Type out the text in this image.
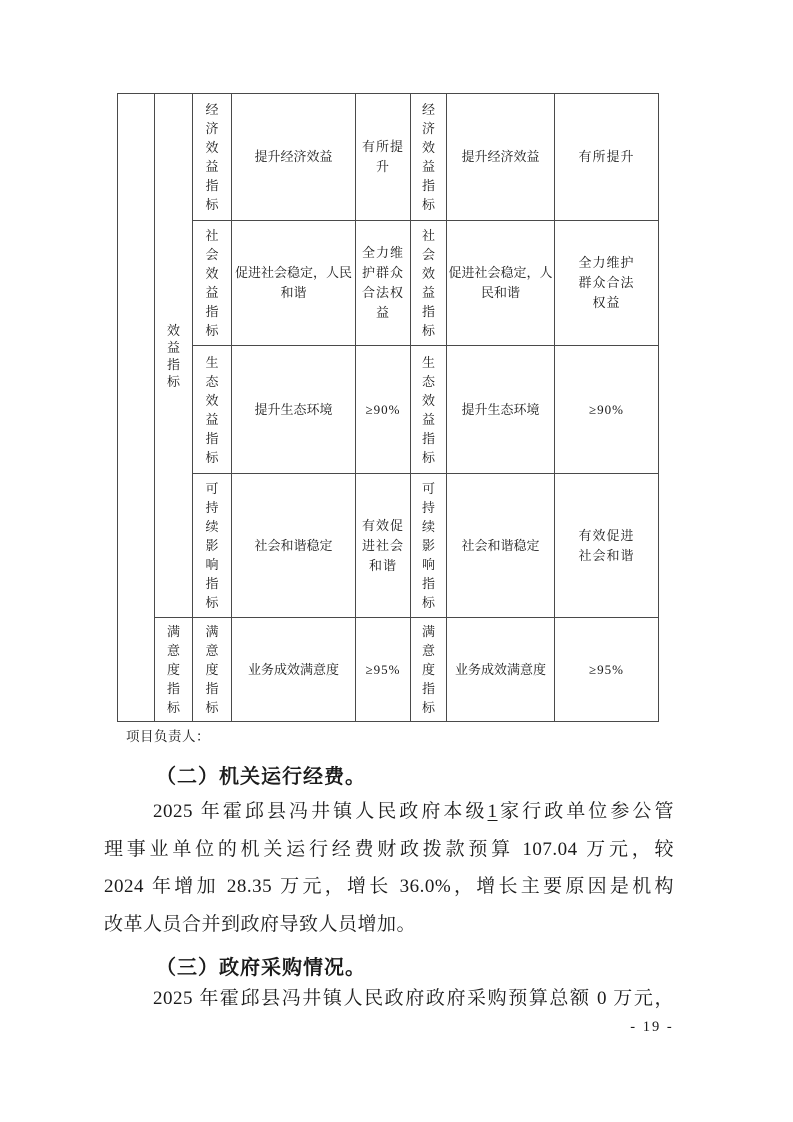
	效益指标	经济效益指标	提升经济效益	有所提升	经济效益指标	提升经济效益	有所提升

		社会效益指标	促进社会稳定，人民和谐	全力维护群众合法权益	社会效益指标	促进社会稳定，人民和谐	全力维护群众合法权益

		生态效益指标	提升生态环境	≥90%	生态效益指标	提升生态环境	≥90%

		可持续影响指标	社会和谐稳定	有效促进社会和谐	可持续影响指标	社会和谐稳定	有效促进社会和谐

	满意度指标	满意度指标	业务成效满意度	≥95%	满意度指标	业务成效满意度	≥95%
项目负责人：
（二）机关运行经费。
2025 年霍邱县冯井镇人民政府本级1家行政单位参公管
理事业单位的机关运行经费财政拨款预算 107.04 万元，较
2024 年增加 28.35 万元，增长 36.0%，增长主要原因是机构
改革人员合并到政府导致人员增加。
（三）政府采购情况。
2025 年霍邱县冯井镇人民政府政府采购预算总额 0 万元，
- 19 -
